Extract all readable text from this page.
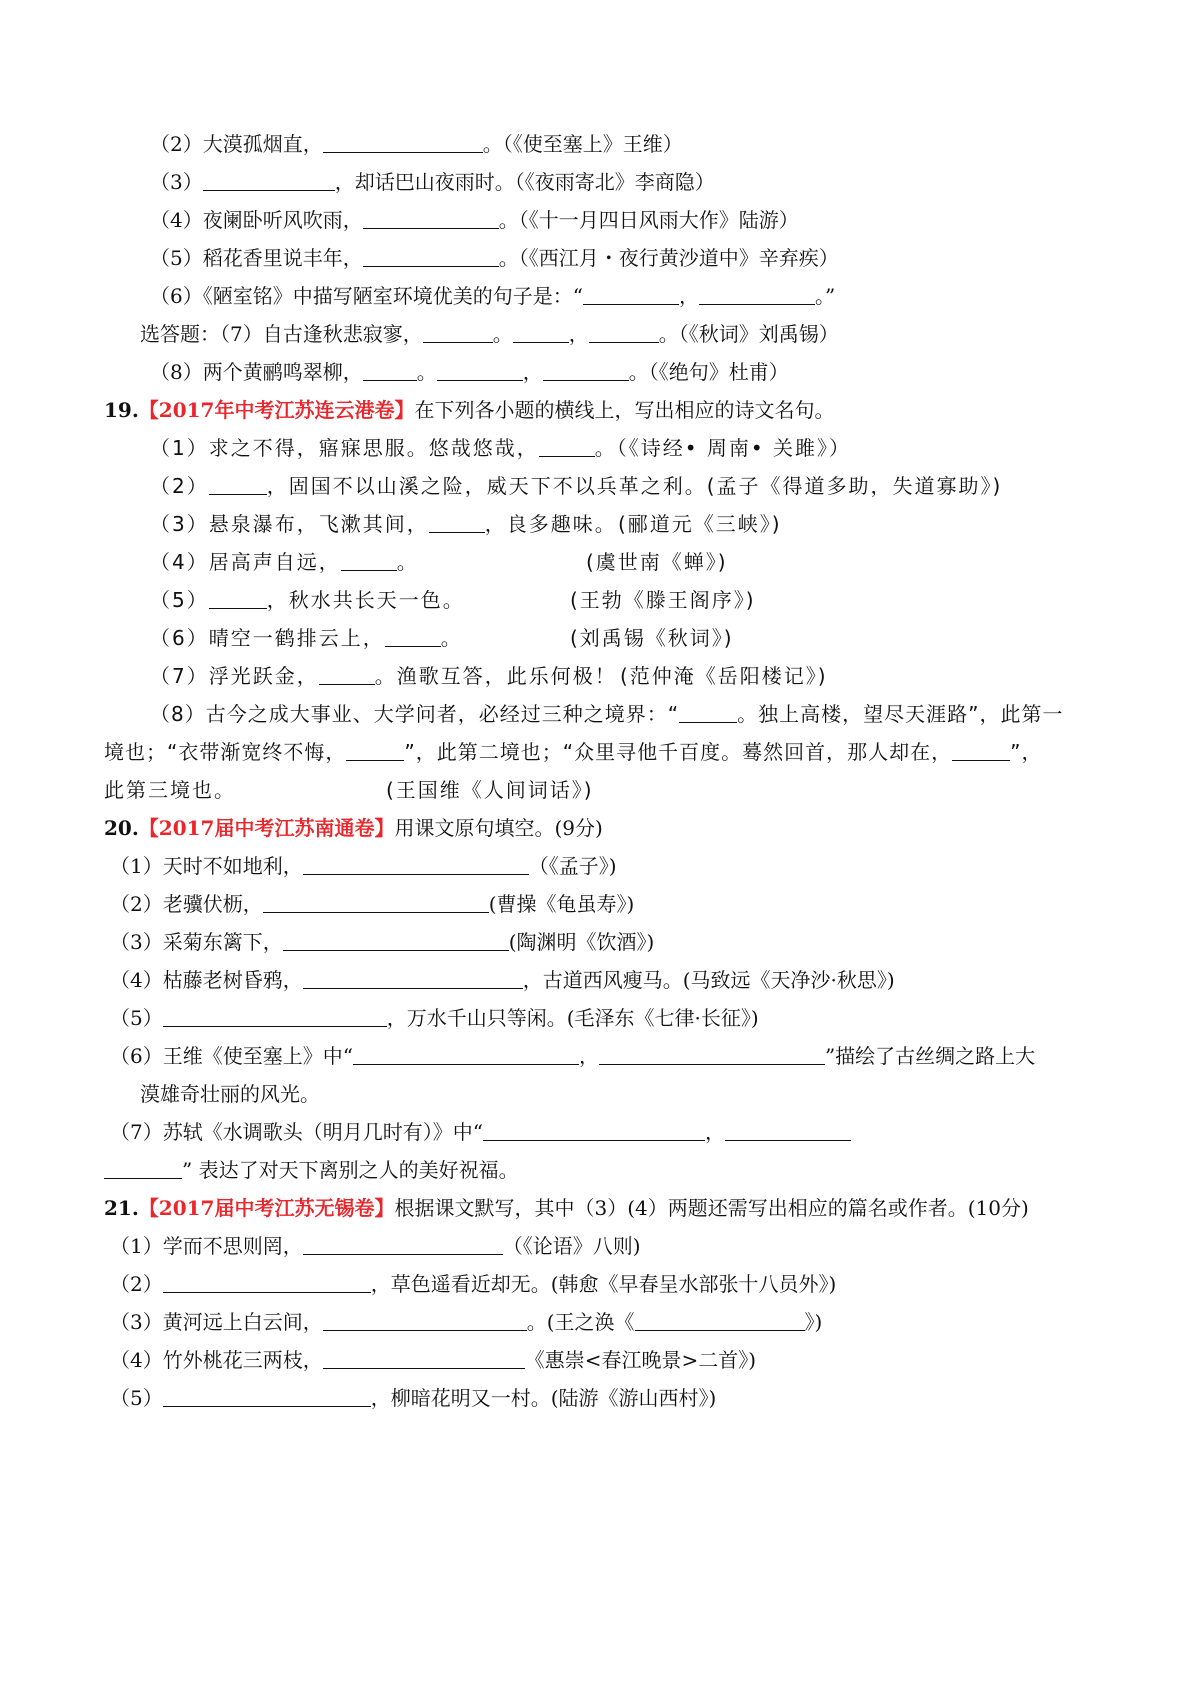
（2）大漠孤烟直，	。（《使至塞上》王维）
（3）	，却话巴山夜雨时。（《夜雨寄北》李商隐）
（4）夜阑卧听风吹雨，	。（《十一月四日风雨大作》陆游）
（5）稻花香里说丰年，	。（《西江月・夜行黄沙道中》辛弃疾）
（6）《陋室铭》中描写陋室环境优美的句子是：“	，	。”
选答题：（7）自古逢秋悲寂寥，	。	，	。（《秋词》刘禹锡）
（8）两个黄鹂鸣翠柳，	。	，	。（《绝句》杜甫）
19.【2017年中考江苏连云港卷】在下列各小题的横线上，写出相应的诗文名句。
（1）求之不得，寤寐思服。悠哉悠哉，	。（《诗经• 周南• 关雎》）
（2）	，固国不以山溪之险，威天下不以兵革之利。(孟子《得道多助，失道寡助》)
（3）悬泉瀑布，飞漱其间，	，良多趣味。 (郦道元《三峡》)
（4）居高声自远，	。	(虞世南《蝉》)
（5）	，秋水共长天一色。	(王勃《滕王阁序》)
（6）晴空一鹤排云上，	。	(刘禹锡《秋词》)
（7）浮光跃金，	。渔歌互答，此乐何极！ (范仲淹《岳阳楼记》)
（8）古今之成大事业、大学问者，必经过三种之境界：“	。独上高楼，望尽天涯路”，此第一
境也；“衣带渐宽终不悔，	”，此第二境也；“众里寻他千百度。蓦然回首，那人却在，	”，
此第三境也。	(王国维《人间词话》)
20.【2017届中考江苏南通卷】用课文原句填空。(9分)
（1）天时不如地利，	（《孟子》)
（2）老骥伏枥，	(曹操《龟虽寿》)
（3）采菊东篱下，	(陶渊明《饮酒》)
（4）枯藤老树昏鸦，	，古道西风瘦马。(马致远《天净沙·秋思》)
（5）	，万水千山只等闲。(毛泽东《七律·长征》)
（6）王维《使至塞上》中“	，	”描绘了古丝绸之路上大
漠雄奇壮丽的风光。
（7）苏轼《水调歌头（明月几时有）》中“	，
” 表达了对天下离别之人的美好祝福。
21.【2017届中考江苏无锡卷】根据课文默写，其中（3）(4）两题还需写出相应的篇名或作者。(10分)
（1）学而不思则罔，	（《论语》八则)
（2）	，草色遥看近却无。(韩愈《早春呈水部张十八员外》)
（3）黄河远上白云间，	。(王之涣《	》)
（4）竹外桃花三两枝，	《惠崇<春江晚景>二首》)
（5）	，柳暗花明又一村。(陆游《游山西村》)
